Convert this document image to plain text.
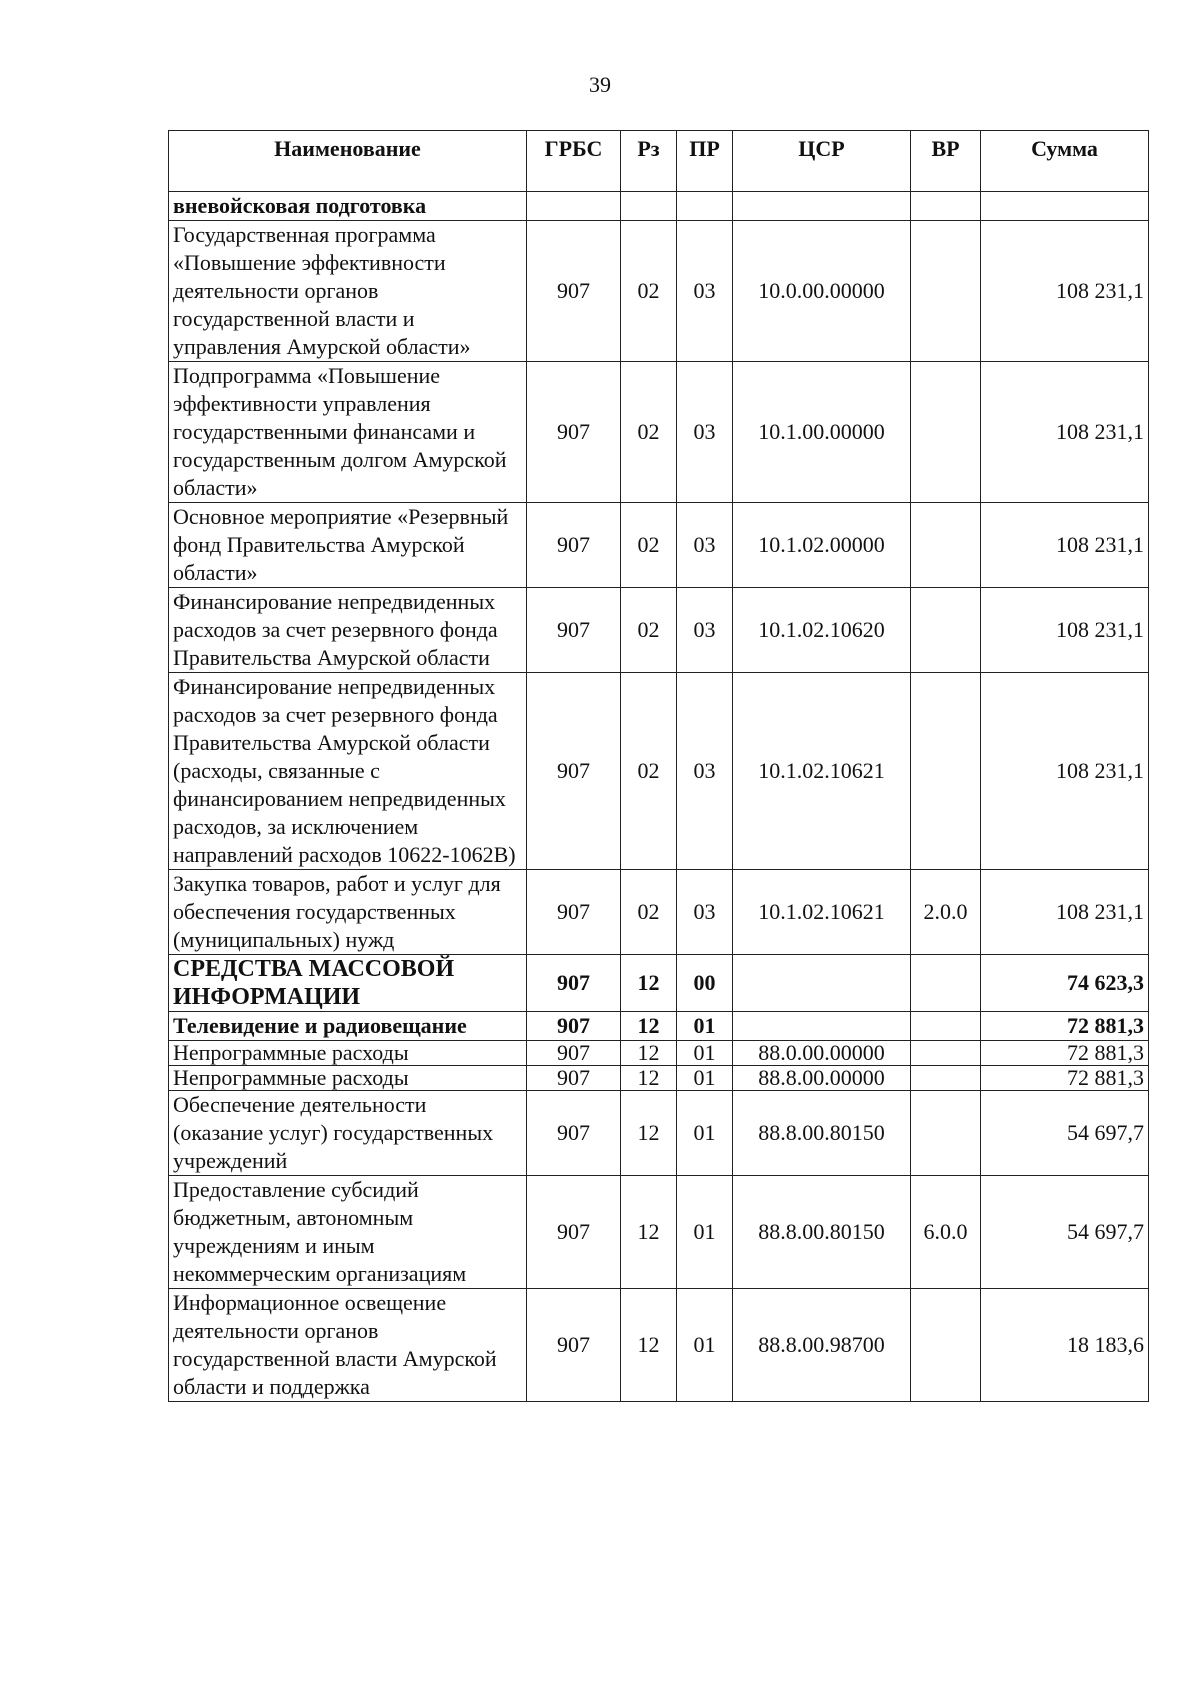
39
Наименование	ГРБС	Рз	ПР	ЦСР	ВР	Сумма
вневойсковая подготовка						
Государственная программа «Повышение эффективности деятельности органов государственной власти и управления Амурской области»	907	02	03	10.0.00.00000		108 231,1
Подпрограмма «Повышение эффективности управления государственными финансами и государственным долгом Амурской области»	907	02	03	10.1.00.00000		108 231,1
Основное мероприятие «Резервный фонд Правительства Амурской области»	907	02	03	10.1.02.00000		108 231,1
Финансирование непредвиденных расходов за счет резервного фонда Правительства Амурской области	907	02	03	10.1.02.10620		108 231,1
Финансирование непредвиденных расходов за счет резервного фонда Правительства Амурской области (расходы, связанные с финансированием непредвиденных расходов, за исключением направлений расходов 10622-1062В)	907	02	03	10.1.02.10621		108 231,1
Закупка товаров, работ и услуг для обеспечения государственных (муниципальных) нужд	907	02	03	10.1.02.10621	2.0.0	108 231,1
СРЕДСТВА МАССОВОЙ ИНФОРМАЦИИ	907	12	00			74 623,3
Телевидение и радиовещание	907	12	01			72 881,3
Непрограммные расходы	907	12	01	88.0.00.00000		72 881,3
Непрограммные расходы	907	12	01	88.8.00.00000		72 881,3
Обеспечение деятельности (оказание услуг) государственных учреждений	907	12	01	88.8.00.80150		54 697,7
Предоставление субсидий бюджетным, автономным учреждениям и иным некоммерческим организациям	907	12	01	88.8.00.80150	6.0.0	54 697,7
Информационное освещение деятельности органов государственной власти Амурской области и поддержка	907	12	01	88.8.00.98700		18 183,6
